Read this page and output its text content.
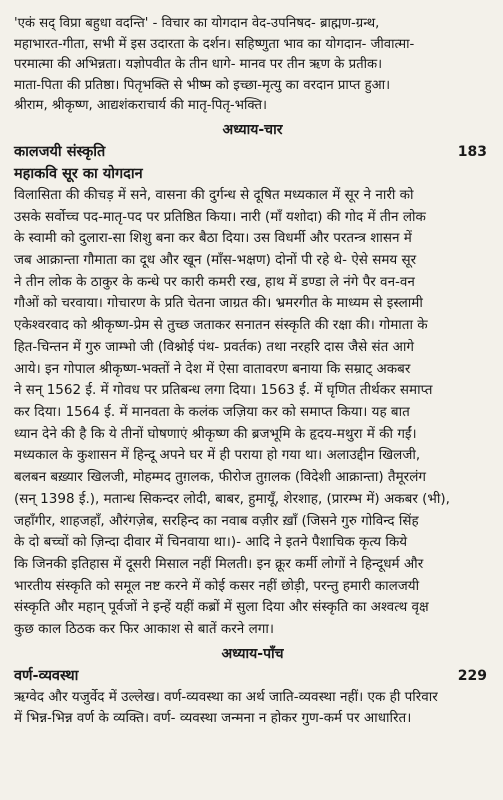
'एकं सद् विप्रा बहुधा वदन्ति' - विचार का योगदान वेद-उपनिषद- ब्राह्मण-ग्रन्थ,
महाभारत-गीता, सभी में इस उदारता के दर्शन। सहिष्णुता भाव का योगदान- जीवात्मा-
परमात्मा की अभिन्नता। यज्ञोपवीत के तीन धागे- मानव पर तीन ऋण के प्रतीक।
माता-पिता की प्रतिष्ठा। पितृभक्ति से भीष्म को इच्छा-मृत्यु का वरदान प्राप्त हुआ।
श्रीराम, श्रीकृष्ण, आद्यशंकराचार्य की मातृ-पितृ-भक्ति।
अध्याय-चार
कालजयी संस्कृति	183
महाकवि सूर का योगदान
विलासिता की कीचड़ में सने, वासना की दुर्गन्ध से दूषित मध्यकाल में सूर ने नारी को
उसके सर्वोच्च पद-मातृ-पद पर प्रतिष्ठित किया। नारी (माँ यशोदा) की गोद में तीन लोक
के स्वामी को दुलारा-सा शिशु बना कर बैठा दिया। उस विधर्मी और परतन्त्र शासन में
जब आक्रान्ता गौमाता का दूध और खून (माँस-भक्षण) दोनों पी रहे थे- ऐसे समय सूर
ने तीन लोक के ठाकुर के कन्धे पर कारी कमरी रख, हाथ में डण्डा ले नंगे पैर वन-वन
गौओं को चरवाया। गोचारण के प्रति चेतना जाग्रत की। भ्रमरगीत के माध्यम से इस्लामी
एकेश्वरवाद को श्रीकृष्ण-प्रेम से तुच्छ जताकर सनातन संस्कृति की रक्षा की। गोमाता के
हित-चिन्तन में गुरु जाम्भो जी (विश्नोई पंथ- प्रवर्तक) तथा नरहरि दास जैसे संत आगे
आये। इन गोपाल श्रीकृष्ण-भक्तों ने देश में ऐसा वातावरण बनाया कि सम्राट् अकबर
ने सन् 1562 ई. में गोवध पर प्रतिबन्ध लगा दिया। 1563 ई. में घृणित तीर्थकर समाप्त
कर दिया। 1564 ई. में मानवता के कलंक जज़िया कर को समाप्त किया। यह बात
ध्यान देने की है कि ये तीनों घोषणाएं श्रीकृष्ण की ब्रजभूमि के हृदय-मथुरा में की गईं।
मध्यकाल के कुशासन में हिन्दू अपने घर में ही पराया हो गया था। अलाउद्दीन खिलजी,
बलबन बख़्यार खिलजी, मोहम्मद तुग़लक, फीरोज तुग़लक (विदेशी आक्रान्ता) तैमूरलंग
(सन् 1398 ई.), मतान्ध सिकन्दर लोदी, बाबर, हुमायूँ, शेरशाह, (प्रारम्भ में) अकबर (भी),
जहाँगीर, शाहजहाँ, औरंगज़ेब, सरहिन्द का नवाब वज़ीर ख़ाँ (जिसने गुरु गोविन्द सिंह
के दो बच्चों को ज़िन्दा दीवार में चिनवाया था।)- आदि ने इतने पैशाचिक कृत्य किये
कि जिनकी इतिहास में दूसरी मिसाल नहीं मिलती। इन क्रूर कर्मी लोगों ने हिन्दूधर्म और
भारतीय संस्कृति को समूल नष्ट करने में कोई कसर नहीं छोड़ी, परन्तु हमारी कालजयी
संस्कृति और महान् पूर्वजों ने इन्हें यहीं कब्रों में सुला दिया और संस्कृति का अश्वत्थ वृक्ष
कुछ काल ठिठक कर फिर आकाश से बातें करने लगा।
अध्याय-पाँच
वर्ण-व्यवस्था	229
ऋग्वेद और यजुर्वेद में उल्लेख। वर्ण-व्यवस्था का अर्थ जाति-व्यवस्था नहीं। एक ही परिवार
में भिन्न-भिन्न वर्ण के व्यक्ति। वर्ण- व्यवस्था जन्मना न होकर गुण-कर्म पर आधारित।
